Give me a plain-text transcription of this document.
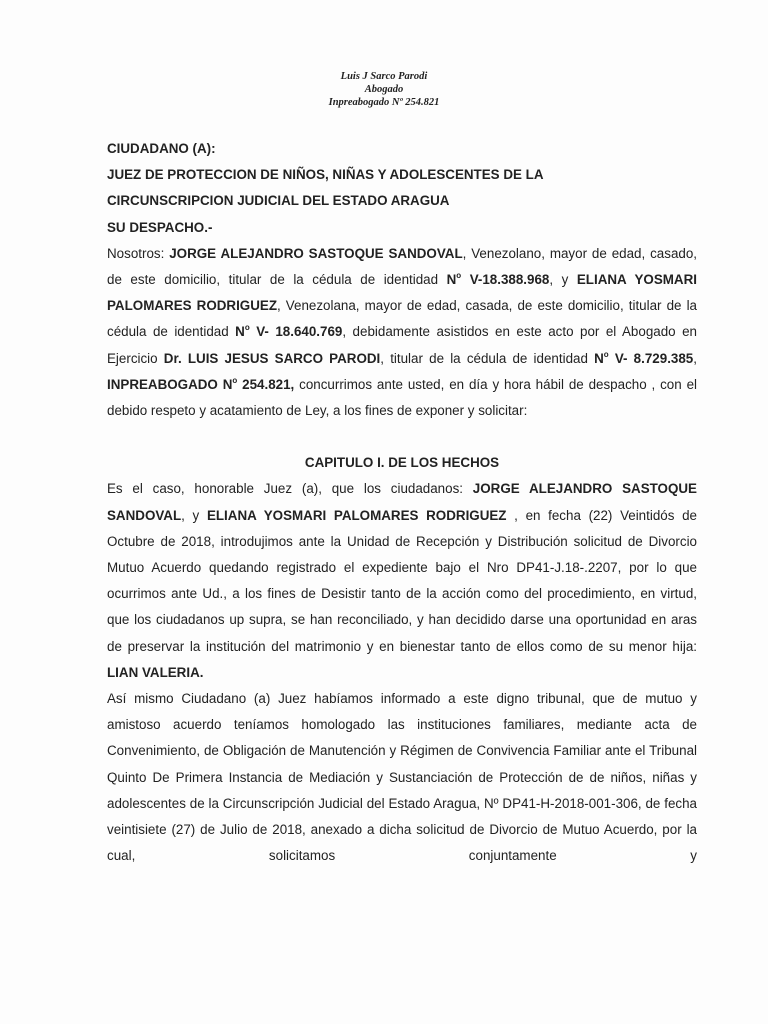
Luis J Sarco Parodi
Abogado
Inpreabogado Nº 254.821
CIUDADANO (A):
JUEZ DE PROTECCION DE NIÑOS, NIÑAS Y ADOLESCENTES DE LA
CIRCUNSCRIPCION JUDICIAL DEL ESTADO ARAGUA
SU DESPACHO.-

Nosotros: JORGE ALEJANDRO SASTOQUE SANDOVAL, Venezolano, mayor de edad, casado, de este domicilio, titular de la cédula de identidad $N^o$ V-18.388.968, y ELIANA YOSMARI PALOMARES RODRIGUEZ, Venezolana, mayor de edad, casada, de este domicilio, titular de la cédula de identidad $N^o$ V- 18.640.769, debidamente asistidos en este acto por el Abogado en Ejercicio Dr. LUIS JESUS SARCO PARODI, titular de la cédula de identidad $N^o$ V- 8.729.385, INPREABOGADO $N^o$ 254.821, concurrimos ante usted, en día y hora hábil de despacho , con el debido respeto y acatamiento de Ley, a los fines de exponer y solicitar:

CAPITULO I. DE LOS HECHOS

Es el caso, honorable Juez (a), que los ciudadanos: JORGE ALEJANDRO SASTOQUE SANDOVAL, y ELIANA YOSMARI PALOMARES RODRIGUEZ , en fecha (22) Veintidós de Octubre de 2018, introdujimos ante la Unidad de Recepción y Distribución solicitud de Divorcio Mutuo Acuerdo quedando registrado el expediente bajo el Nro DP41-J.18-.2207, por lo que ocurrimos ante Ud., a los fines de Desistir tanto de la acción como del procedimiento, en virtud, que los ciudadanos up supra, se han reconciliado, y han decidido darse una oportunidad en aras de preservar la institución del matrimonio y en bienestar tanto de ellos como de su menor hija: LIAN VALERIA.

Así mismo Ciudadano (a) Juez habíamos informado a este digno tribunal, que de mutuo y amistoso acuerdo teníamos homologado las instituciones familiares, mediante acta de Convenimiento, de Obligación de Manutención y Régimen de Convivencia Familiar ante el Tribunal Quinto De Primera Instancia de Mediación y Sustanciación de Protección de de niños, niñas y adolescentes de la Circunscripción Judicial del Estado Aragua, Nº DP41-H-2018-001-306, de fecha veintisiete (27) de Julio de 2018, anexado a dicha solicitud de Divorcio de Mutuo Acuerdo, por la cual, solicitamos conjuntamente y
